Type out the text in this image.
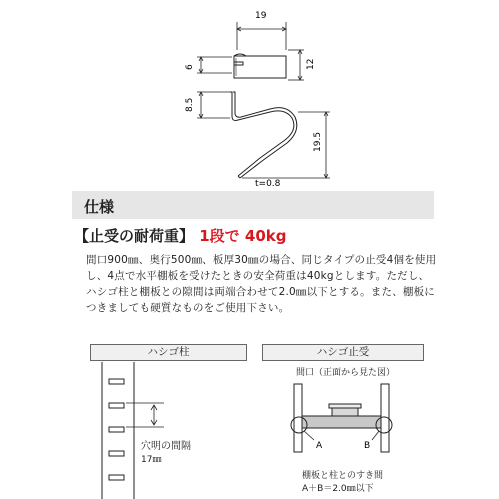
19
6	12
8.5
19.5
t=0.8
仕様
【止受の耐荷重】 1段で 40kg
間口900㎜、奥行500㎜、板厚30㎜の場合、同じタイプの止受4個を使用し、4点で水平棚板を受けたときの安全荷重は40kgとします。ただし、ハシゴ柱と棚板との隙間は両端合わせて2.0㎜以下とする。また、棚板につきましても硬質なものをご使用下さい。
ハシゴ柱
穴明の間隔
17㎜
ハシゴ止受
間口（正面から見た図）
A	B
棚板と柱とのすき間
A＋B＝2.0㎜以下
